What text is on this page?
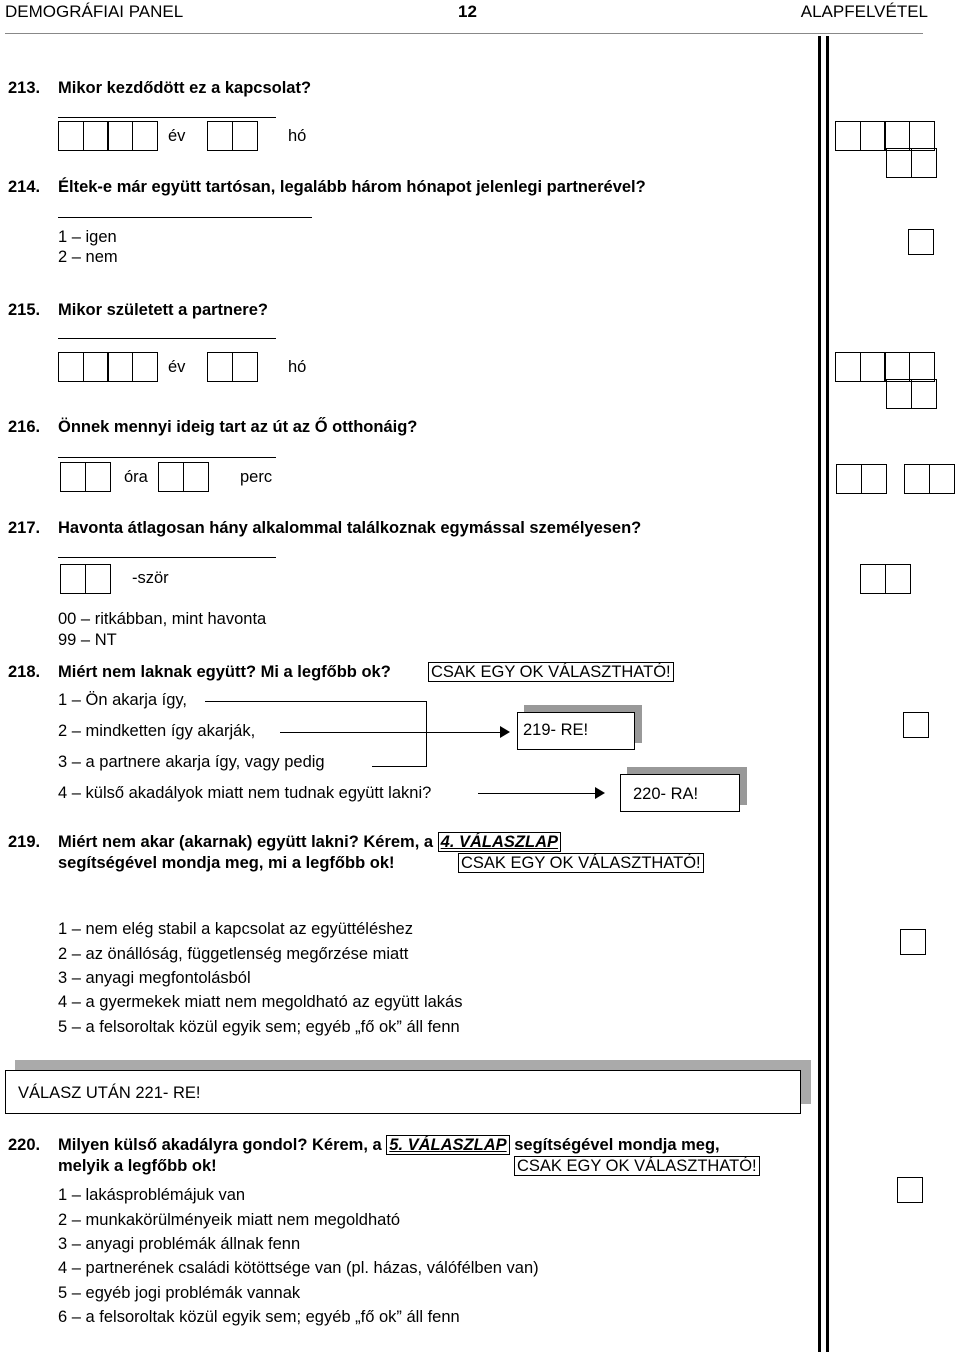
DEMOGRÁFIAI PANEL	12	ALAPFELVÉTEL
213. Mikor kezdődött ez a kapcsolat?
év	hó
214. Éltek-e már együtt tartósan, legalább három hónapot jelenlegi partnerével?
1 – igen
2 – nem
215. Mikor született a partnere?
év	hó
216. Önnek mennyi ideig tart az út az Ő otthonáig?
óra	perc
217. Havonta átlagosan hány alkalommal találkoznak egymással személyesen?
-ször
00 – ritkábban, mint havonta
99 – NT
218. Miért nem laknak együtt? Mi a legfőbb ok? CSAK EGY OK VÁLASZTHATÓ!
1 – Ön akarja így,
2 – mindketten így akarják,
3 – a partnere akarja így, vagy pedig
4 – külső akadályok miatt nem tudnak együtt lakni?
219- RE!
220- RA!
219. Miért nem akar (akarnak) együtt lakni? Kérem, a 4. VÁLASZLAP
segítségével mondja meg, mi a legfőbb ok!	CSAK EGY OK VÁLASZTHATÓ!
1 – nem elég stabil a kapcsolat az együttéléshez
2 – az önállóság, függetlenség megőrzése miatt
3 – anyagi megfontolásból
4 – a gyermekek miatt nem megoldható az együtt lakás
5 – a felsoroltak közül egyik sem; egyéb „fő ok” áll fenn
VÁLASZ UTÁN 221- RE!
220. Milyen külső akadályra gondol? Kérem, a 5. VÁLASZLAP segítségével mondja meg,
melyik a legfőbb ok!	CSAK EGY OK VÁLASZTHATÓ!
1 – lakásproblémájuk van
2 – munkakörülményeik miatt nem megoldható
3 – anyagi problémák állnak fenn
4 – partnerének családi kötöttsége van (pl. házas, válófélben van)
5 – egyéb jogi problémák vannak
6 – a felsoroltak közül egyik sem; egyéb „fő ok” áll fenn
